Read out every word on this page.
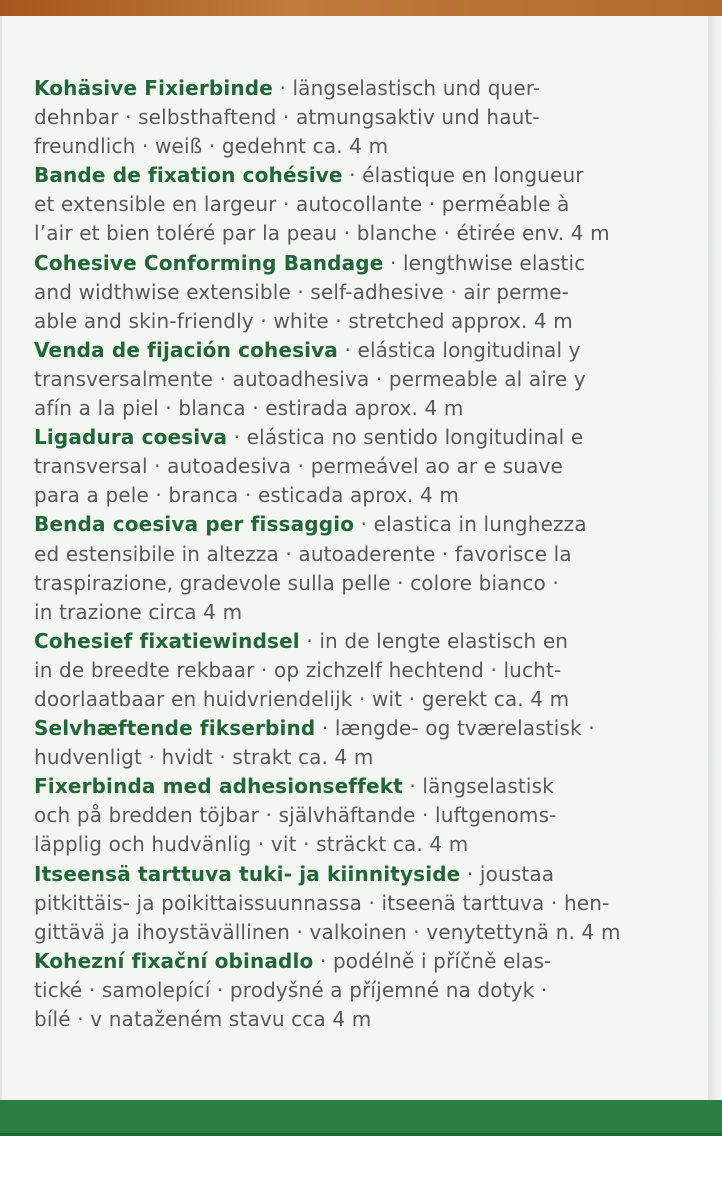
Kohäsive Fixierbinde · längselastisch und quer-
dehnbar · selbsthaftend · atmungsaktiv und haut-
freundlich · weiß · gedehnt ca. 4 m
Bande de fixation cohésive · élastique en longueur
et extensible en largeur · autocollante · perméable à
l’air et bien toléré par la peau · blanche · étirée env. 4 m
Cohesive Conforming Bandage · lengthwise elastic
and widthwise extensible · self-adhesive · air perme-
able and skin-friendly · white · stretched approx. 4 m
Venda de fijación cohesiva · elástica longitudinal y
transversalmente · autoadhesiva · permeable al aire y
afín a la piel · blanca · estirada aprox. 4 m
Ligadura coesiva · elástica no sentido longitudinal e
transversal · autoadesiva · permeável ao ar e suave
para a pele · branca · esticada aprox. 4 m
Benda coesiva per fissaggio · elastica in lunghezza
ed estensibile in altezza · autoaderente · favorisce la
traspirazione, gradevole sulla pelle · colore bianco ·
in trazione circa 4 m
Cohesief fixatiewindsel · in de lengte elastisch en
in de breedte rekbaar · op zichzelf hechtend · lucht-
doorlaatbaar en huidvriendelijk · wit · gerekt ca. 4 m
Selvhæftende fikserbind · længde- og tværelastisk ·
hudvenligt · hvidt · strakt ca. 4 m
Fixerbinda med adhesionseffekt · längselastisk
och på bredden töjbar · självhäftande · luftgenoms-
läpplig och hudvänlig · vit · sträckt ca. 4 m
Itseensä tarttuva tuki- ja kiinnityside · joustaa
pitkittäis- ja poikittaissuunnassa · itseenä tarttuva · hen-
gittävä ja ihoystävällinen · valkoinen · venytettynä n. 4 m
Kohezní fixační obinadlo · podélně i příčně elas-
tické · samolepící · prodyšné a příjemné na dotyk ·
bílé · v nataženém stavu cca 4 m
